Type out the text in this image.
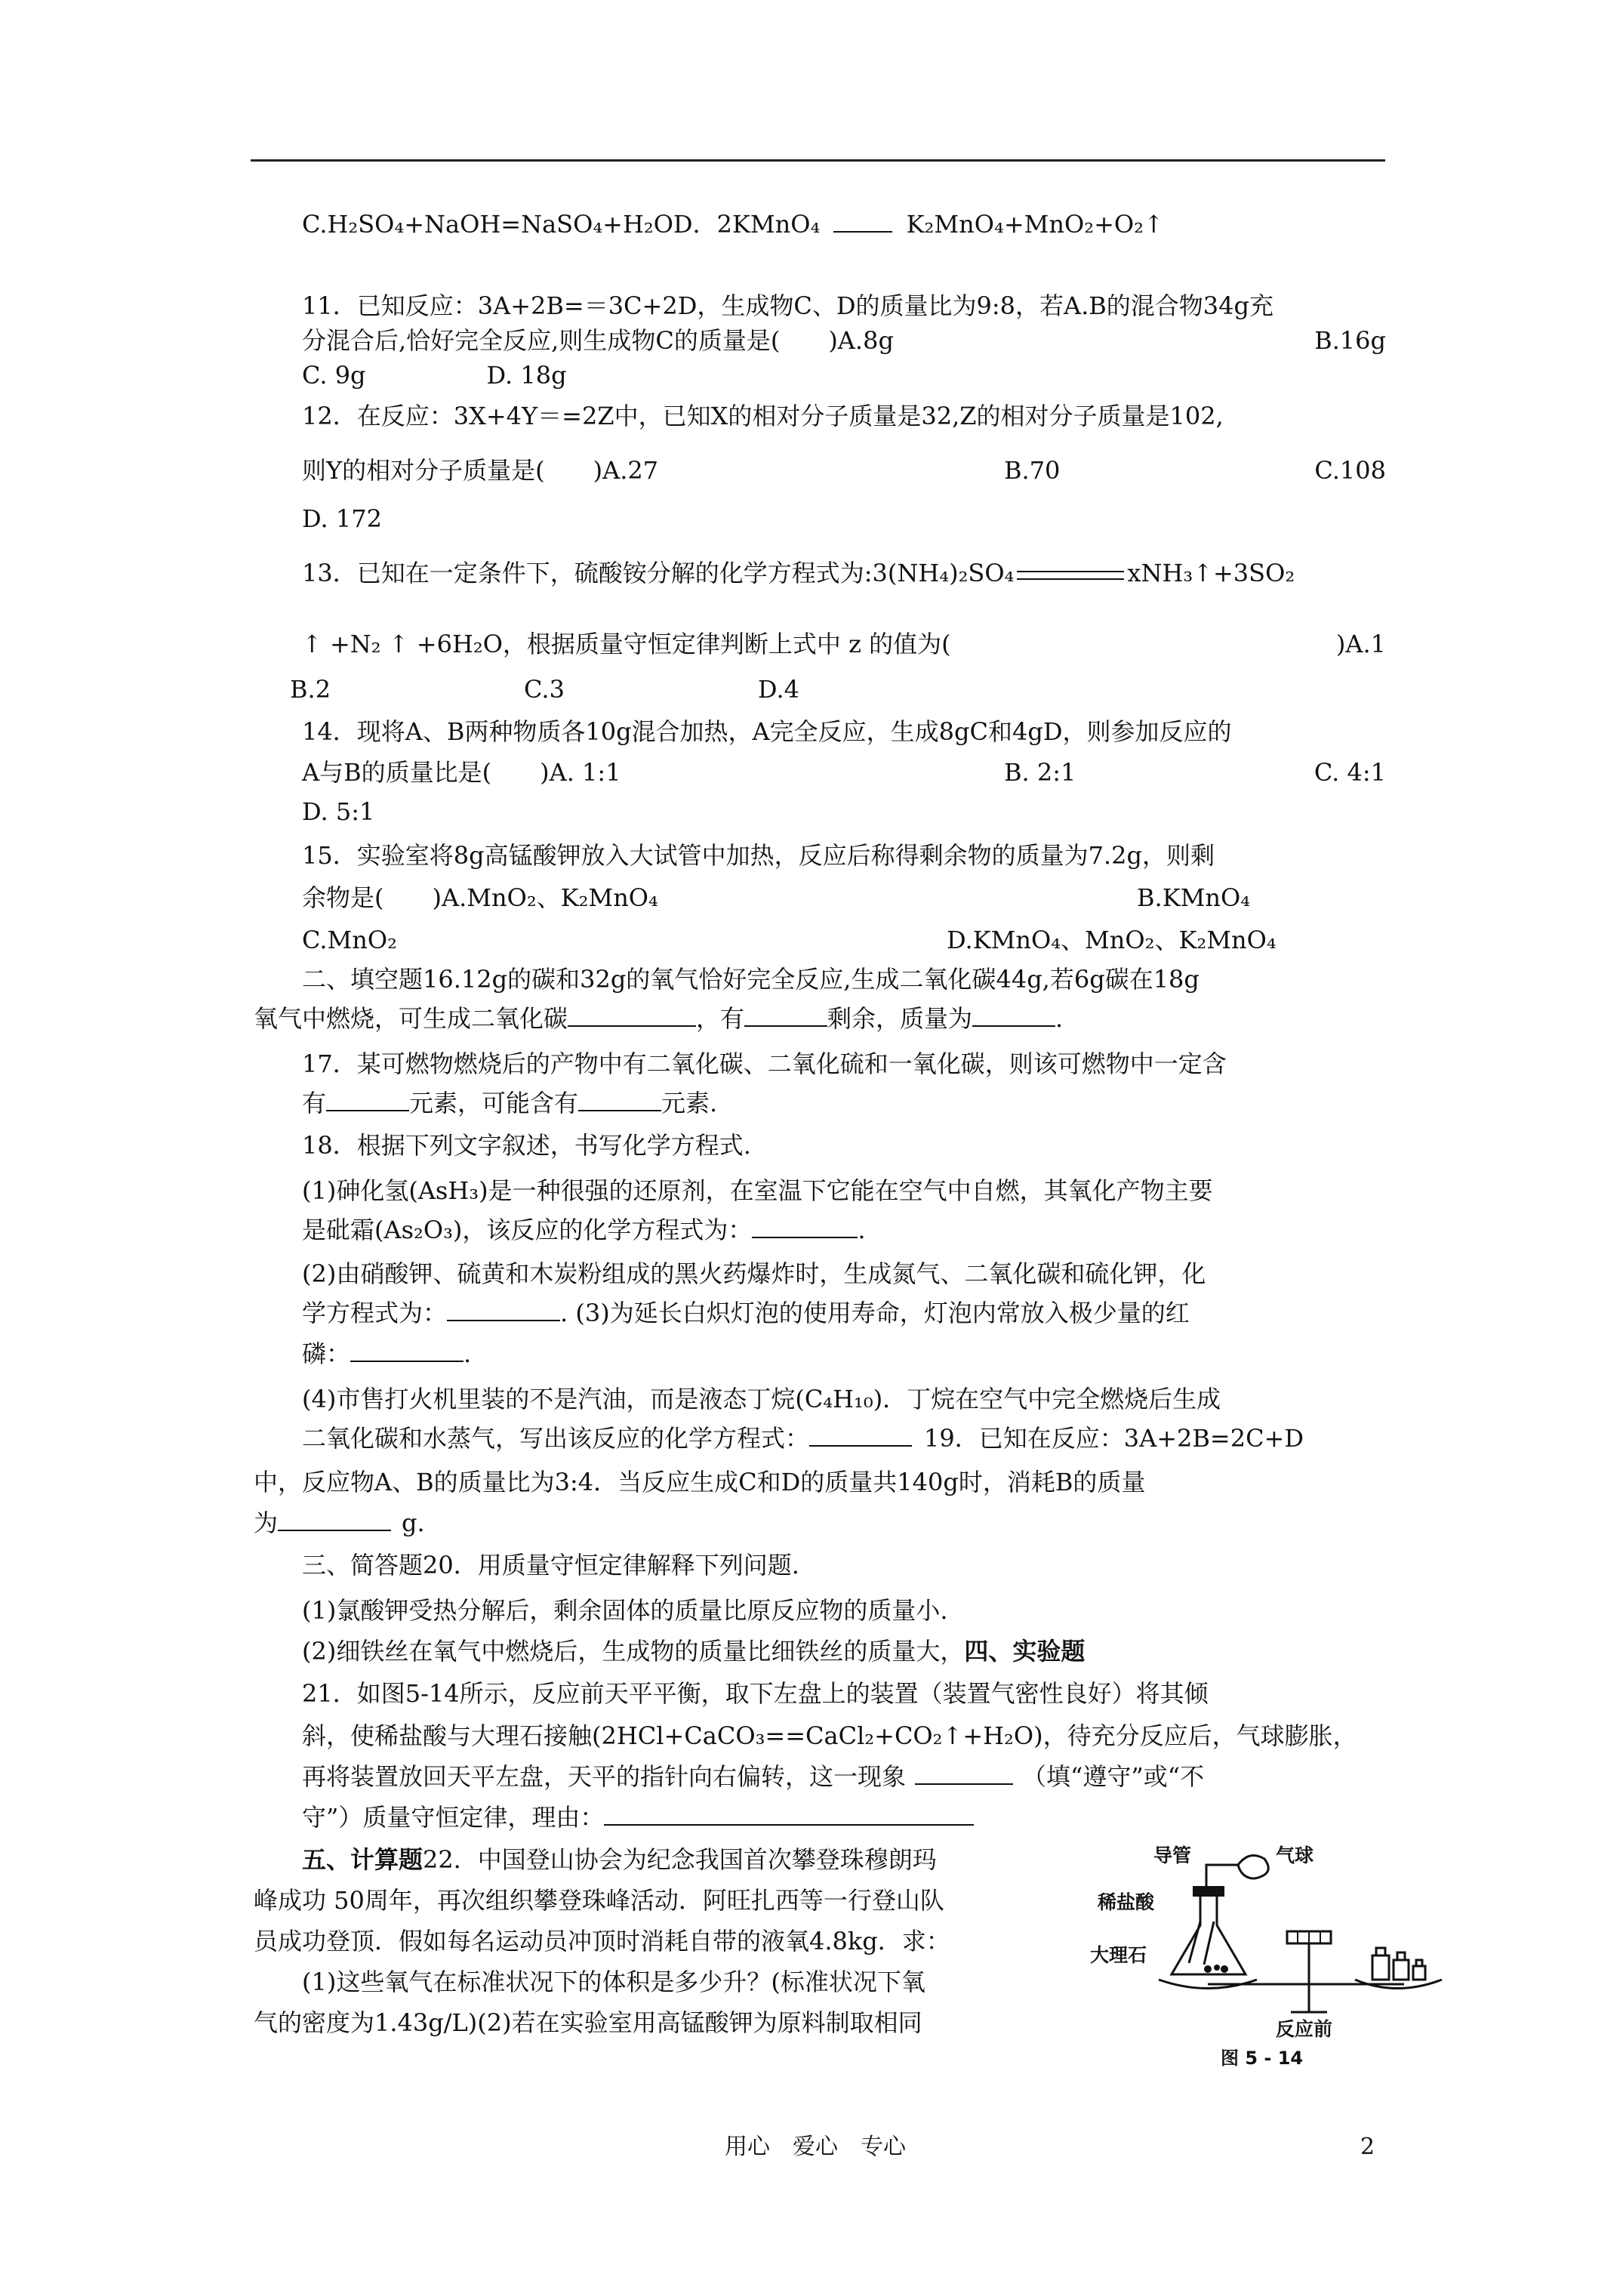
C.H₂SO₄+NaOH=NaSO₄+H₂OD．2KMnO₄	K₂MnO₄+MnO₂+O₂↑
11．已知反应：3A+2B=＝3C+2D，生成物C、D的质量比为9:8，若A.B的混合物34g充
分混合后,恰好完全反应,则生成物C的质量是(　　)A.8g	B.16g
C. 9g　　　　　D. 18g
12．在反应：3X+4Y＝=2Z中，已知X的相对分子质量是32,Z的相对分子质量是102,
则Y的相对分子质量是(　　)A.27	B.70	C.108
D. 172
13．已知在一定条件下，硫酸铵分解的化学方程式为:3(NH₄)₂SO₄	xNH₃↑+3SO₂
↑ +N₂ ↑ +6H₂O，根据质量守恒定律判断上式中 z 的值为(	)A.1
B.2　　　　　　　　C.3　　　　　　　　D.4
14．现将A、B两种物质各10g混合加热，A完全反应，生成8gC和4gD，则参加反应的
A与B的质量比是(　　)A. 1:1	B. 2:1	C. 4:1
D. 5:1
15．实验室将8g高锰酸钾放入大试管中加热，反应后称得剩余物的质量为7.2g，则剩
余物是(　　)A.MnO₂、K₂MnO₄	B.KMnO₄
C.MnO₂	D.KMnO₄、MnO₂、K₂MnO₄
二、填空题16.12g的碳和32g的氧气恰好完全反应,生成二氧化碳44g,若6g碳在18g
氧气中燃烧，可生成二氧化碳	，有	剩余，质量为	.
17．某可燃物燃烧后的产物中有二氧化碳、二氧化硫和一氧化碳，则该可燃物中一定含
有	元素，可能含有	元素.
18．根据下列文字叙述，书写化学方程式.
(1)砷化氢(AsH₃)是一种很强的还原剂，在室温下它能在空气中自燃，其氧化产物主要
是砒霜(As₂O₃)，该反应的化学方程式为：	.
(2)由硝酸钾、硫黄和木炭粉组成的黑火药爆炸时，生成氮气、二氧化碳和硫化钾，化
学方程式为：	. (3)为延长白炽灯泡的使用寿命，灯泡内常放入极少量的红
磷：	.
(4)市售打火机里装的不是汽油，而是液态丁烷(C₄H₁₀)．丁烷在空气中完全燃烧后生成
二氧化碳和水蒸气，写出该反应的化学方程式：	19．已知在反应：3A+2B=2C+D
中，反应物A、B的质量比为3:4．当反应生成C和D的质量共140g时，消耗B的质量
为	g.
三、简答题20．用质量守恒定律解释下列问题.
(1)氯酸钾受热分解后，剩余固体的质量比原反应物的质量小.
(2)细铁丝在氧气中燃烧后，生成物的质量比细铁丝的质量大，四、实验题
21．如图5-14所示，反应前天平平衡，取下左盘上的装置（装置气密性良好）将其倾
斜，使稀盐酸与大理石接触(2HCl+CaCO₃==CaCl₂+CO₂↑+H₂O)，待充分反应后，气球膨胀，
再将装置放回天平左盘，天平的指针向右偏转，这一现象	（填“遵守”或“不
守”）质量守恒定律，理由：
五、计算题22．中国登山协会为纪念我国首次攀登珠穆朗玛
峰成功 50周年，再次组织攀登珠峰活动．阿旺扎西等一行登山队
员成功登顶．假如每名运动员冲顶时消耗自带的液氧4.8kg．求：
(1)这些氧气在标准状况下的体积是多少升？(标准状况下氧
气的密度为1.43g/L)(2)若在实验室用高锰酸钾为原料制取相同
导管	气球
稀盐酸
大理石
反应前
图 5 - 14
用心　爱心　专心	2
